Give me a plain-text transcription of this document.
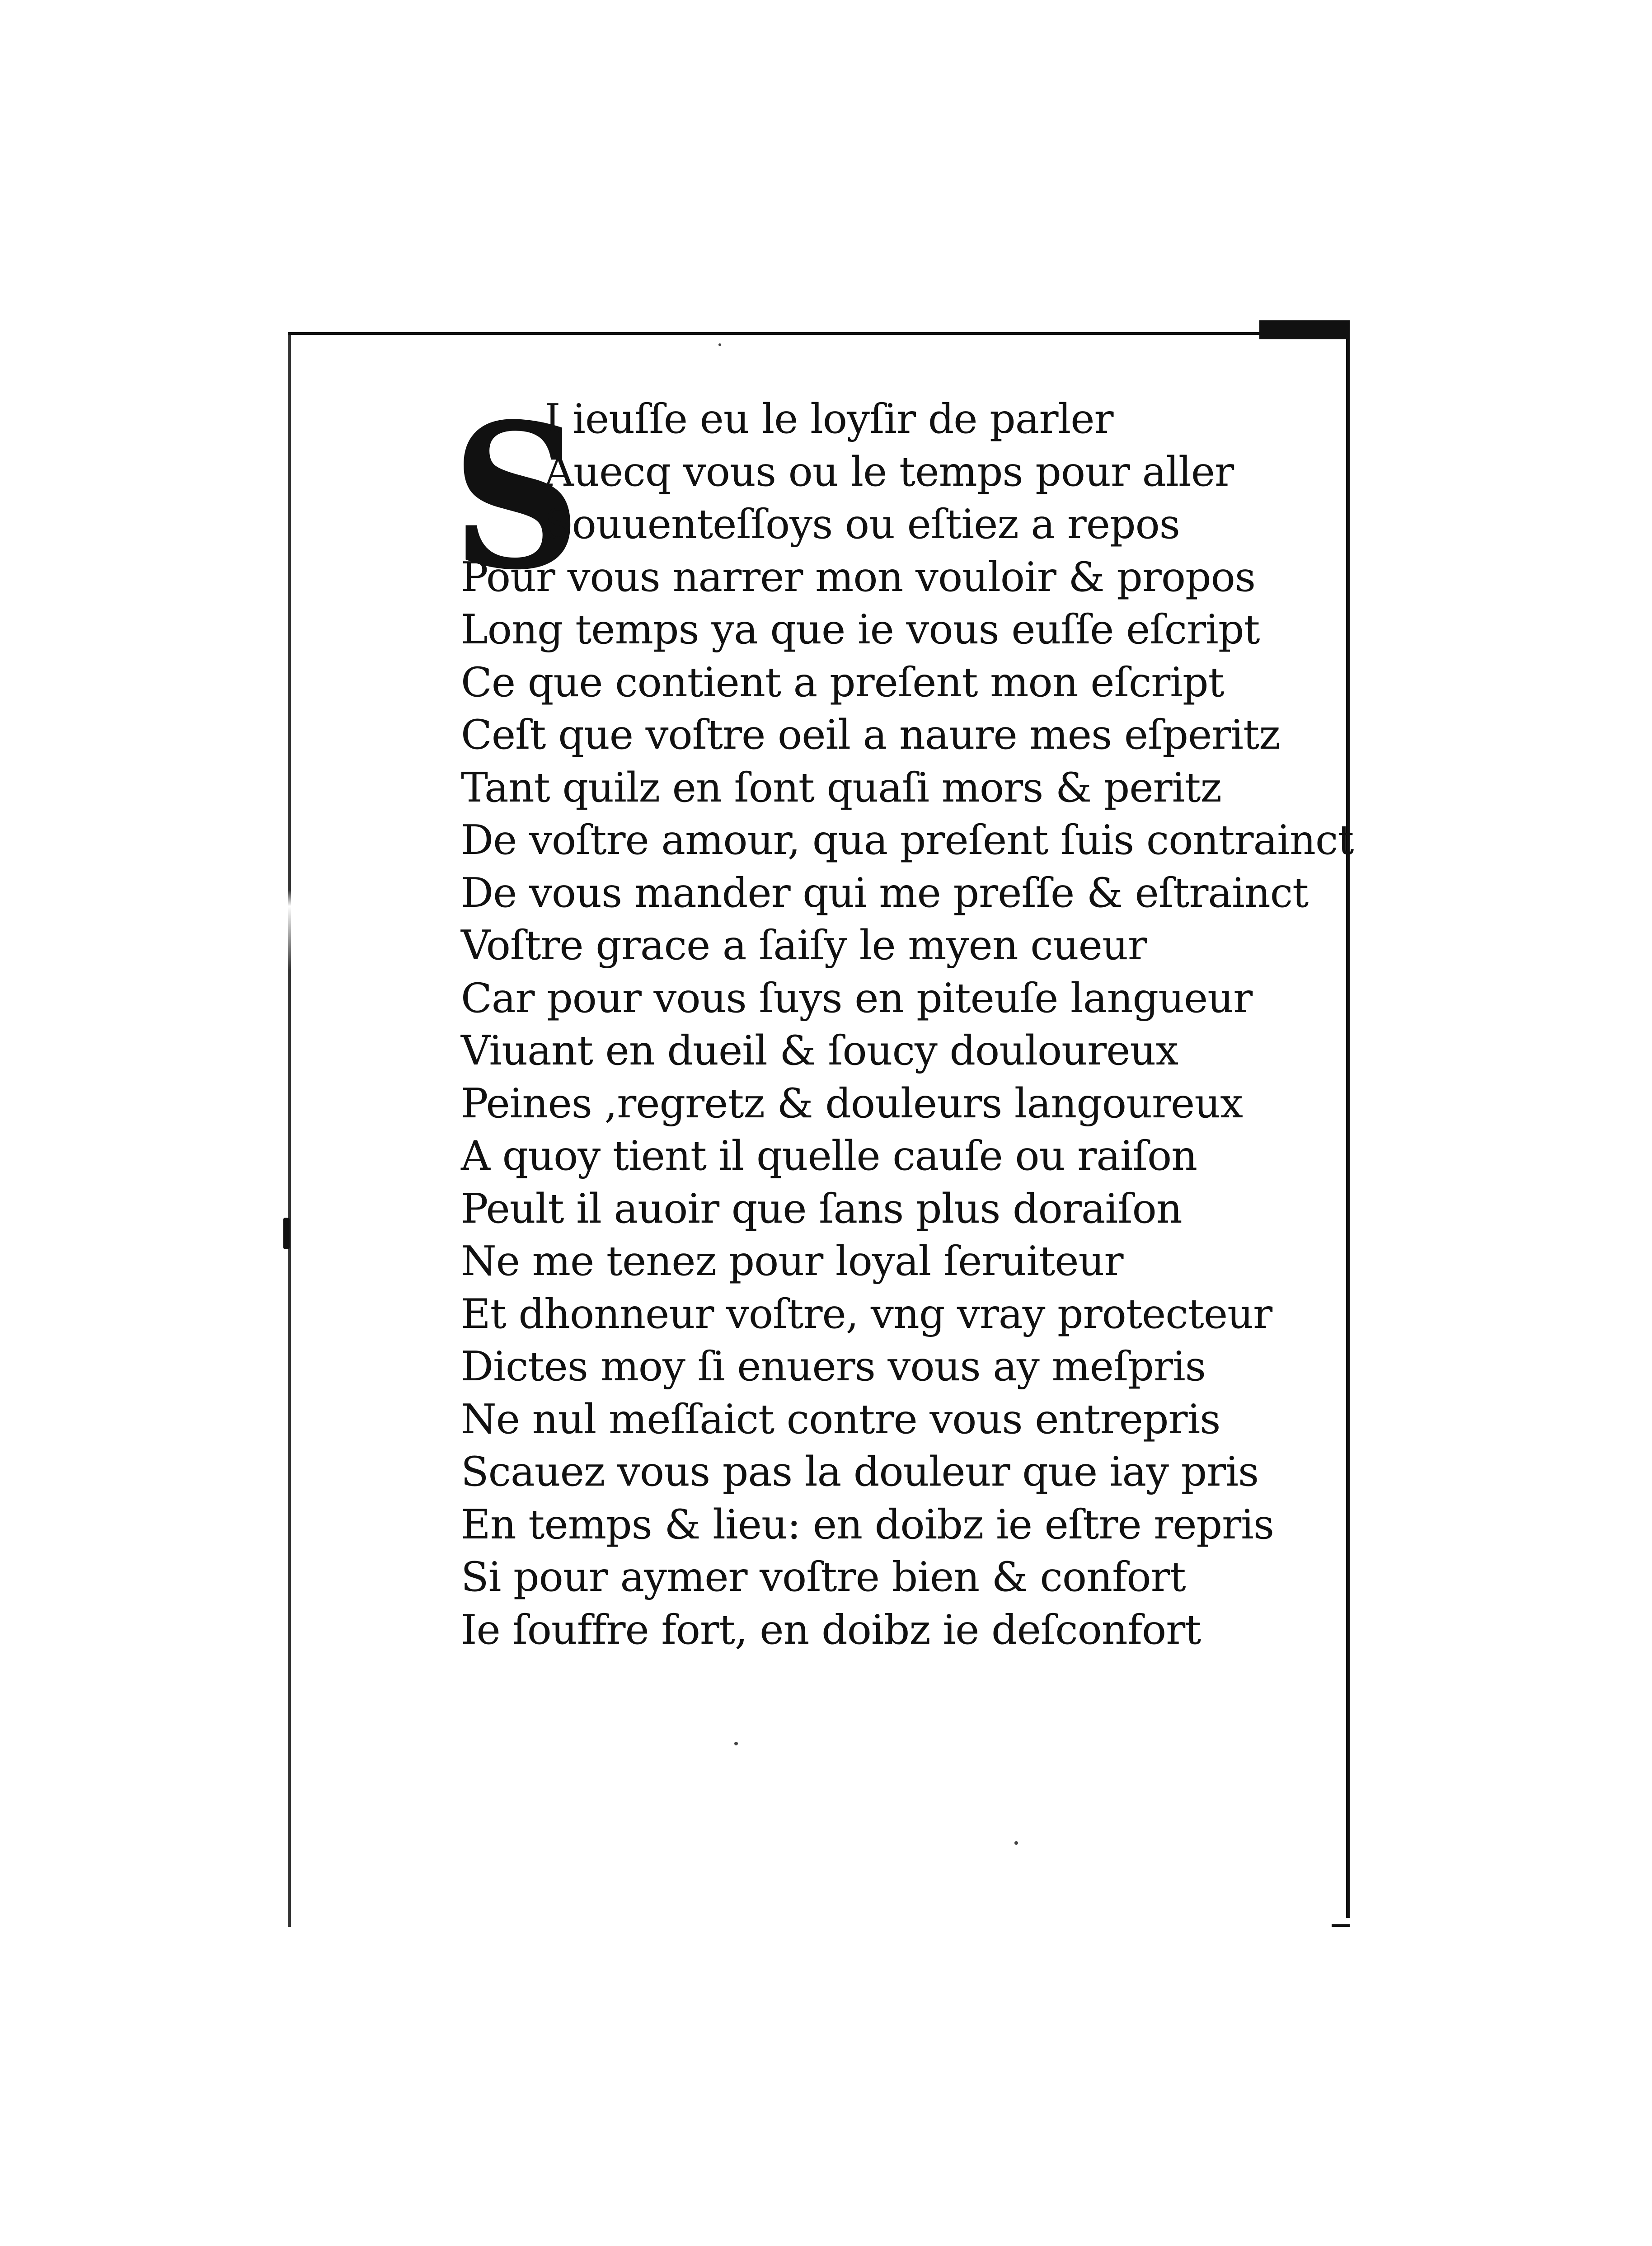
S
I ieuſſe eu le loyſir de parler
Auecq vous ou le temps pour aller
Souuenteſſoys ou eſtiez a repos
Pour vous narrer mon vouloir & propos
Long temps ya que ie vous euſſe eſcript
Ce que contient a preſent mon eſcript
Ceſt que voſtre oeil a naure mes eſperitz
Tant quilz en ſont quaſi mors & peritz
De voſtre amour, qua preſent ſuis contrainct
De vous mander qui me preſſe & eſtrainct
Voſtre grace a ſaiſy le myen cueur
Car pour vous ſuys en piteuſe langueur
Viuant en dueil & ſoucy douloureux
Peines ,regretz & douleurs langoureux
A quoy tient il quelle cauſe ou raiſon
Peult il auoir que ſans plus doraiſon
Ne me tenez pour loyal ſeruiteur
Et dhonneur voſtre, vng vray protecteur
Dictes moy ſi enuers vous ay meſpris
Ne nul meſſaict contre vous entrepris
Scauez vous pas la douleur que iay pris
En temps & lieu: en doibz ie eſtre repris
Si pour aymer voſtre bien & confort
Ie ſouffre fort, en doibz ie deſconfort
